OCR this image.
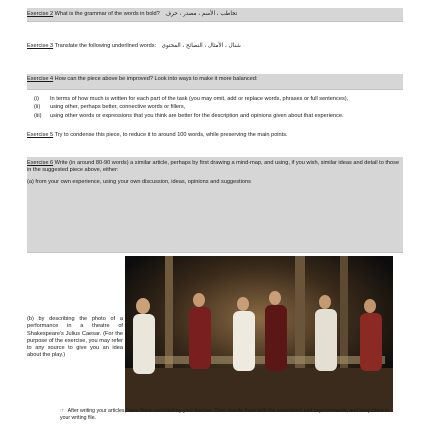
Exercise 2 What is the grammar of the words in bold? تخاطب ، الأسم ، مصدر ، حرف
Exercise 3 Translate the following underlined words: شنال ، الأمثال ، النصائح ، المحتوى
Exercise 4 How can the piece above be improved? Look into ways to make it more balanced:
(i)	In terms of how much is written for each part of the task (you may omit, add or replace words, phrases or full sentences),
(ii)	using other, perhaps better, connective words or fillers,
(iii)	using other words or expressions that you think are better for the description and opinions given about that experience.
Exercise 5 Try to condense this piece, to reduce it to around 100 words, while preserving the main points.
Exercise 6 Write (in around 80-90 words) a similar article, perhaps by first drawing a mind-map, and using, if you wish, similar ideas and detail to those in the suggested piece above, either:
(a) from your own experience, using your own discussion, ideas, opinions and suggestions
(b) by describing the photo of a performance in a theatre of Shakespeare's Julius Caesar. (For the purpose of the exercise, you may refer to any source to give you an idea about the play.)
☞ After writing your articles, have them corrected by your teacher. Then rewrite them with the corrections and improvements, and keep them in your writing file.
